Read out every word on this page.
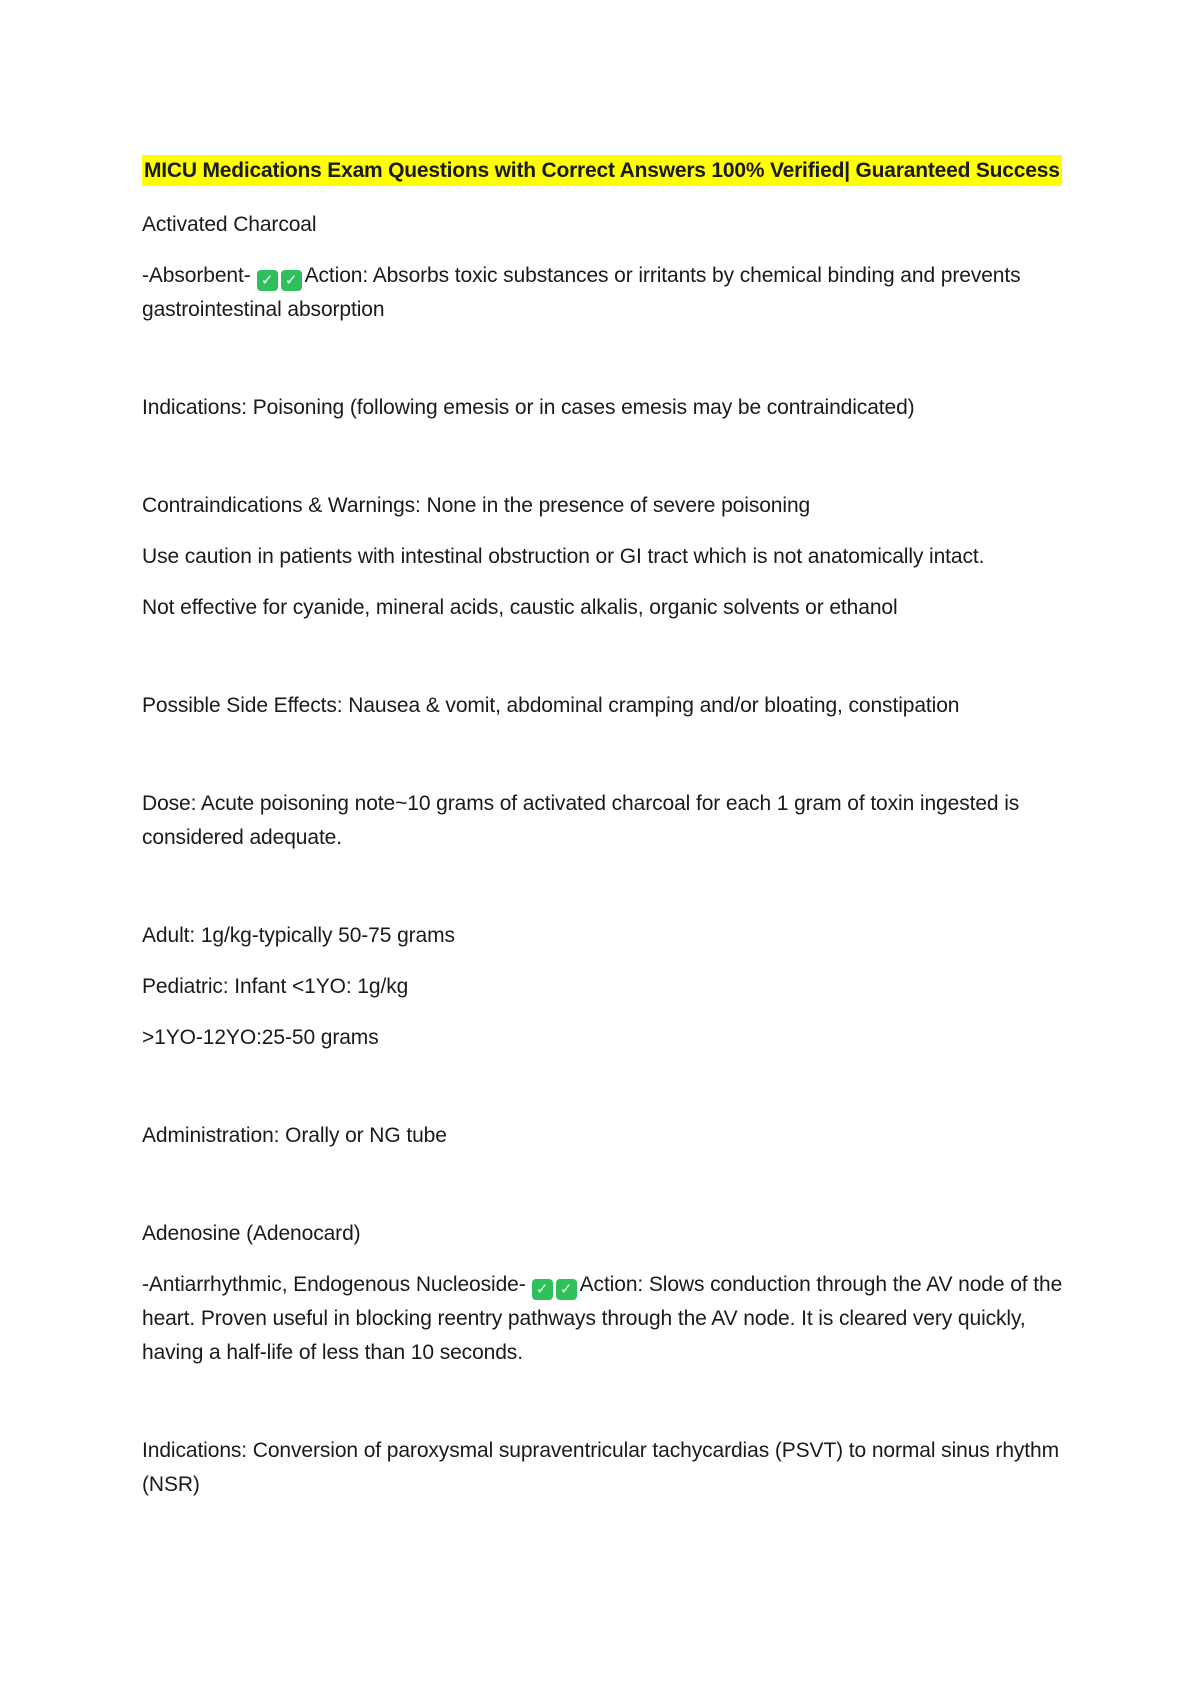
MICU Medications Exam Questions with Correct Answers 100% Verified| Guaranteed Success

Activated Charcoal

-Absorbent- ✓ ✓ Action: Absorbs toxic substances or irritants by chemical binding and prevents gastrointestinal absorption

Indications: Poisoning (following emesis or in cases emesis may be contraindicated)

Contraindications & Warnings: None in the presence of severe poisoning

Use caution in patients with intestinal obstruction or GI tract which is not anatomically intact.

Not effective for cyanide, mineral acids, caustic alkalis, organic solvents or ethanol

Possible Side Effects: Nausea & vomit, abdominal cramping and/or bloating, constipation

Dose: Acute poisoning note~10 grams of activated charcoal for each 1 gram of toxin ingested is considered adequate.

Adult: 1g/kg-typically 50-75 grams

Pediatric: Infant <1YO: 1g/kg

>1YO-12YO:25-50 grams

Administration: Orally or NG tube

Adenosine (Adenocard)

-Antiarrhythmic, Endogenous Nucleoside- ✓ ✓ Action: Slows conduction through the AV node of the heart. Proven useful in blocking reentry pathways through the AV node. It is cleared very quickly, having a half-life of less than 10 seconds.

Indications: Conversion of paroxysmal supraventricular tachycardias (PSVT) to normal sinus rhythm (NSR)
